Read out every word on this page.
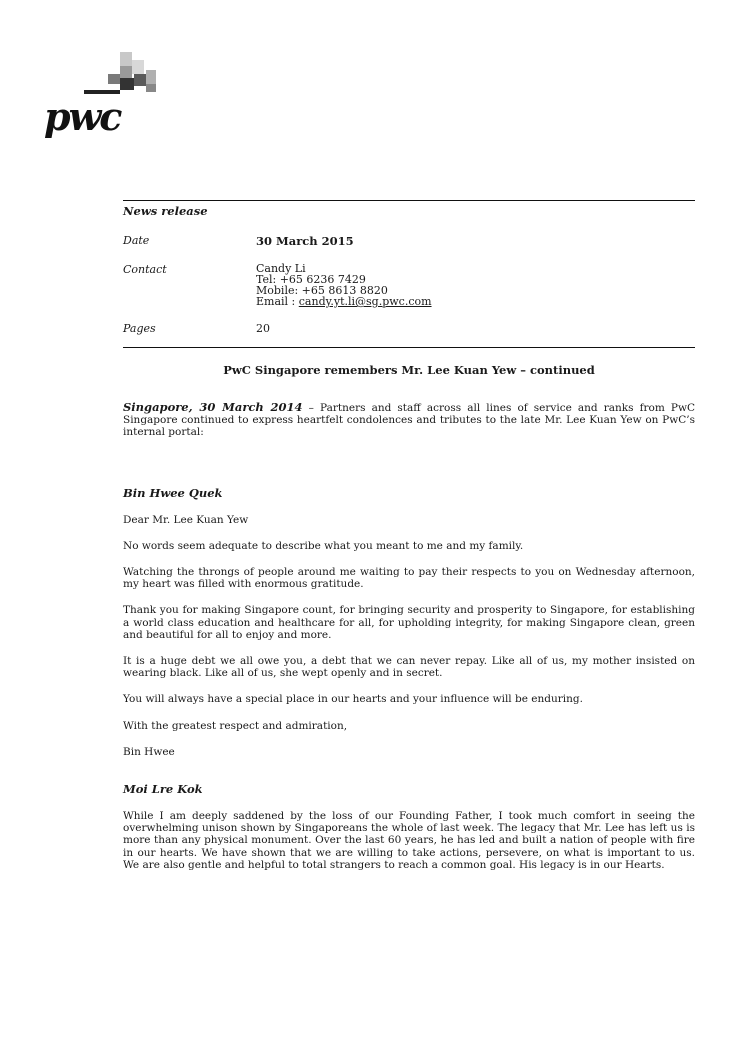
pwc
News release
Date	30 March 2015
Contact	Candy Li
Tel: +65 6236 7429
Mobile: +65 8613 8820
Email : candy.yt.li@sg.pwc.com
Pages	20
PwC Singapore remembers Mr. Lee Kuan Yew – continued

Singapore, 30 March 2014 – Partners and staff across all lines of service and ranks from PwC Singapore continued to express heartfelt condolences and tributes to the late Mr. Lee Kuan Yew on PwC’s internal portal:

Bin Hwee Quek

Dear Mr. Lee Kuan Yew

No words seem adequate to describe what you meant to me and my family.

Watching the throngs of people around me waiting to pay their respects to you on Wednesday afternoon, my heart was filled with enormous gratitude.

Thank you for making Singapore count, for bringing security and prosperity to Singapore, for establishing a world class education and healthcare for all, for upholding integrity, for making Singapore clean, green and beautiful for all to enjoy and more.

It is a huge debt we all owe you, a debt that we can never repay. Like all of us, my mother insisted on wearing black. Like all of us, she wept openly and in secret.

You will always have a special place in our hearts and your influence will be enduring.

With the greatest respect and admiration,

Bin Hwee

Moi Lre Kok

While I am deeply saddened by the loss of our Founding Father, I took much comfort in seeing the overwhelming unison shown by Singaporeans the whole of last week. The legacy that Mr. Lee has left us is more than any physical monument. Over the last 60 years, he has led and built a nation of people with fire in our hearts. We have shown that we are willing to take actions, persevere, on what is important to us. We are also gentle and helpful to total strangers to reach a common goal. His legacy is in our Hearts.
